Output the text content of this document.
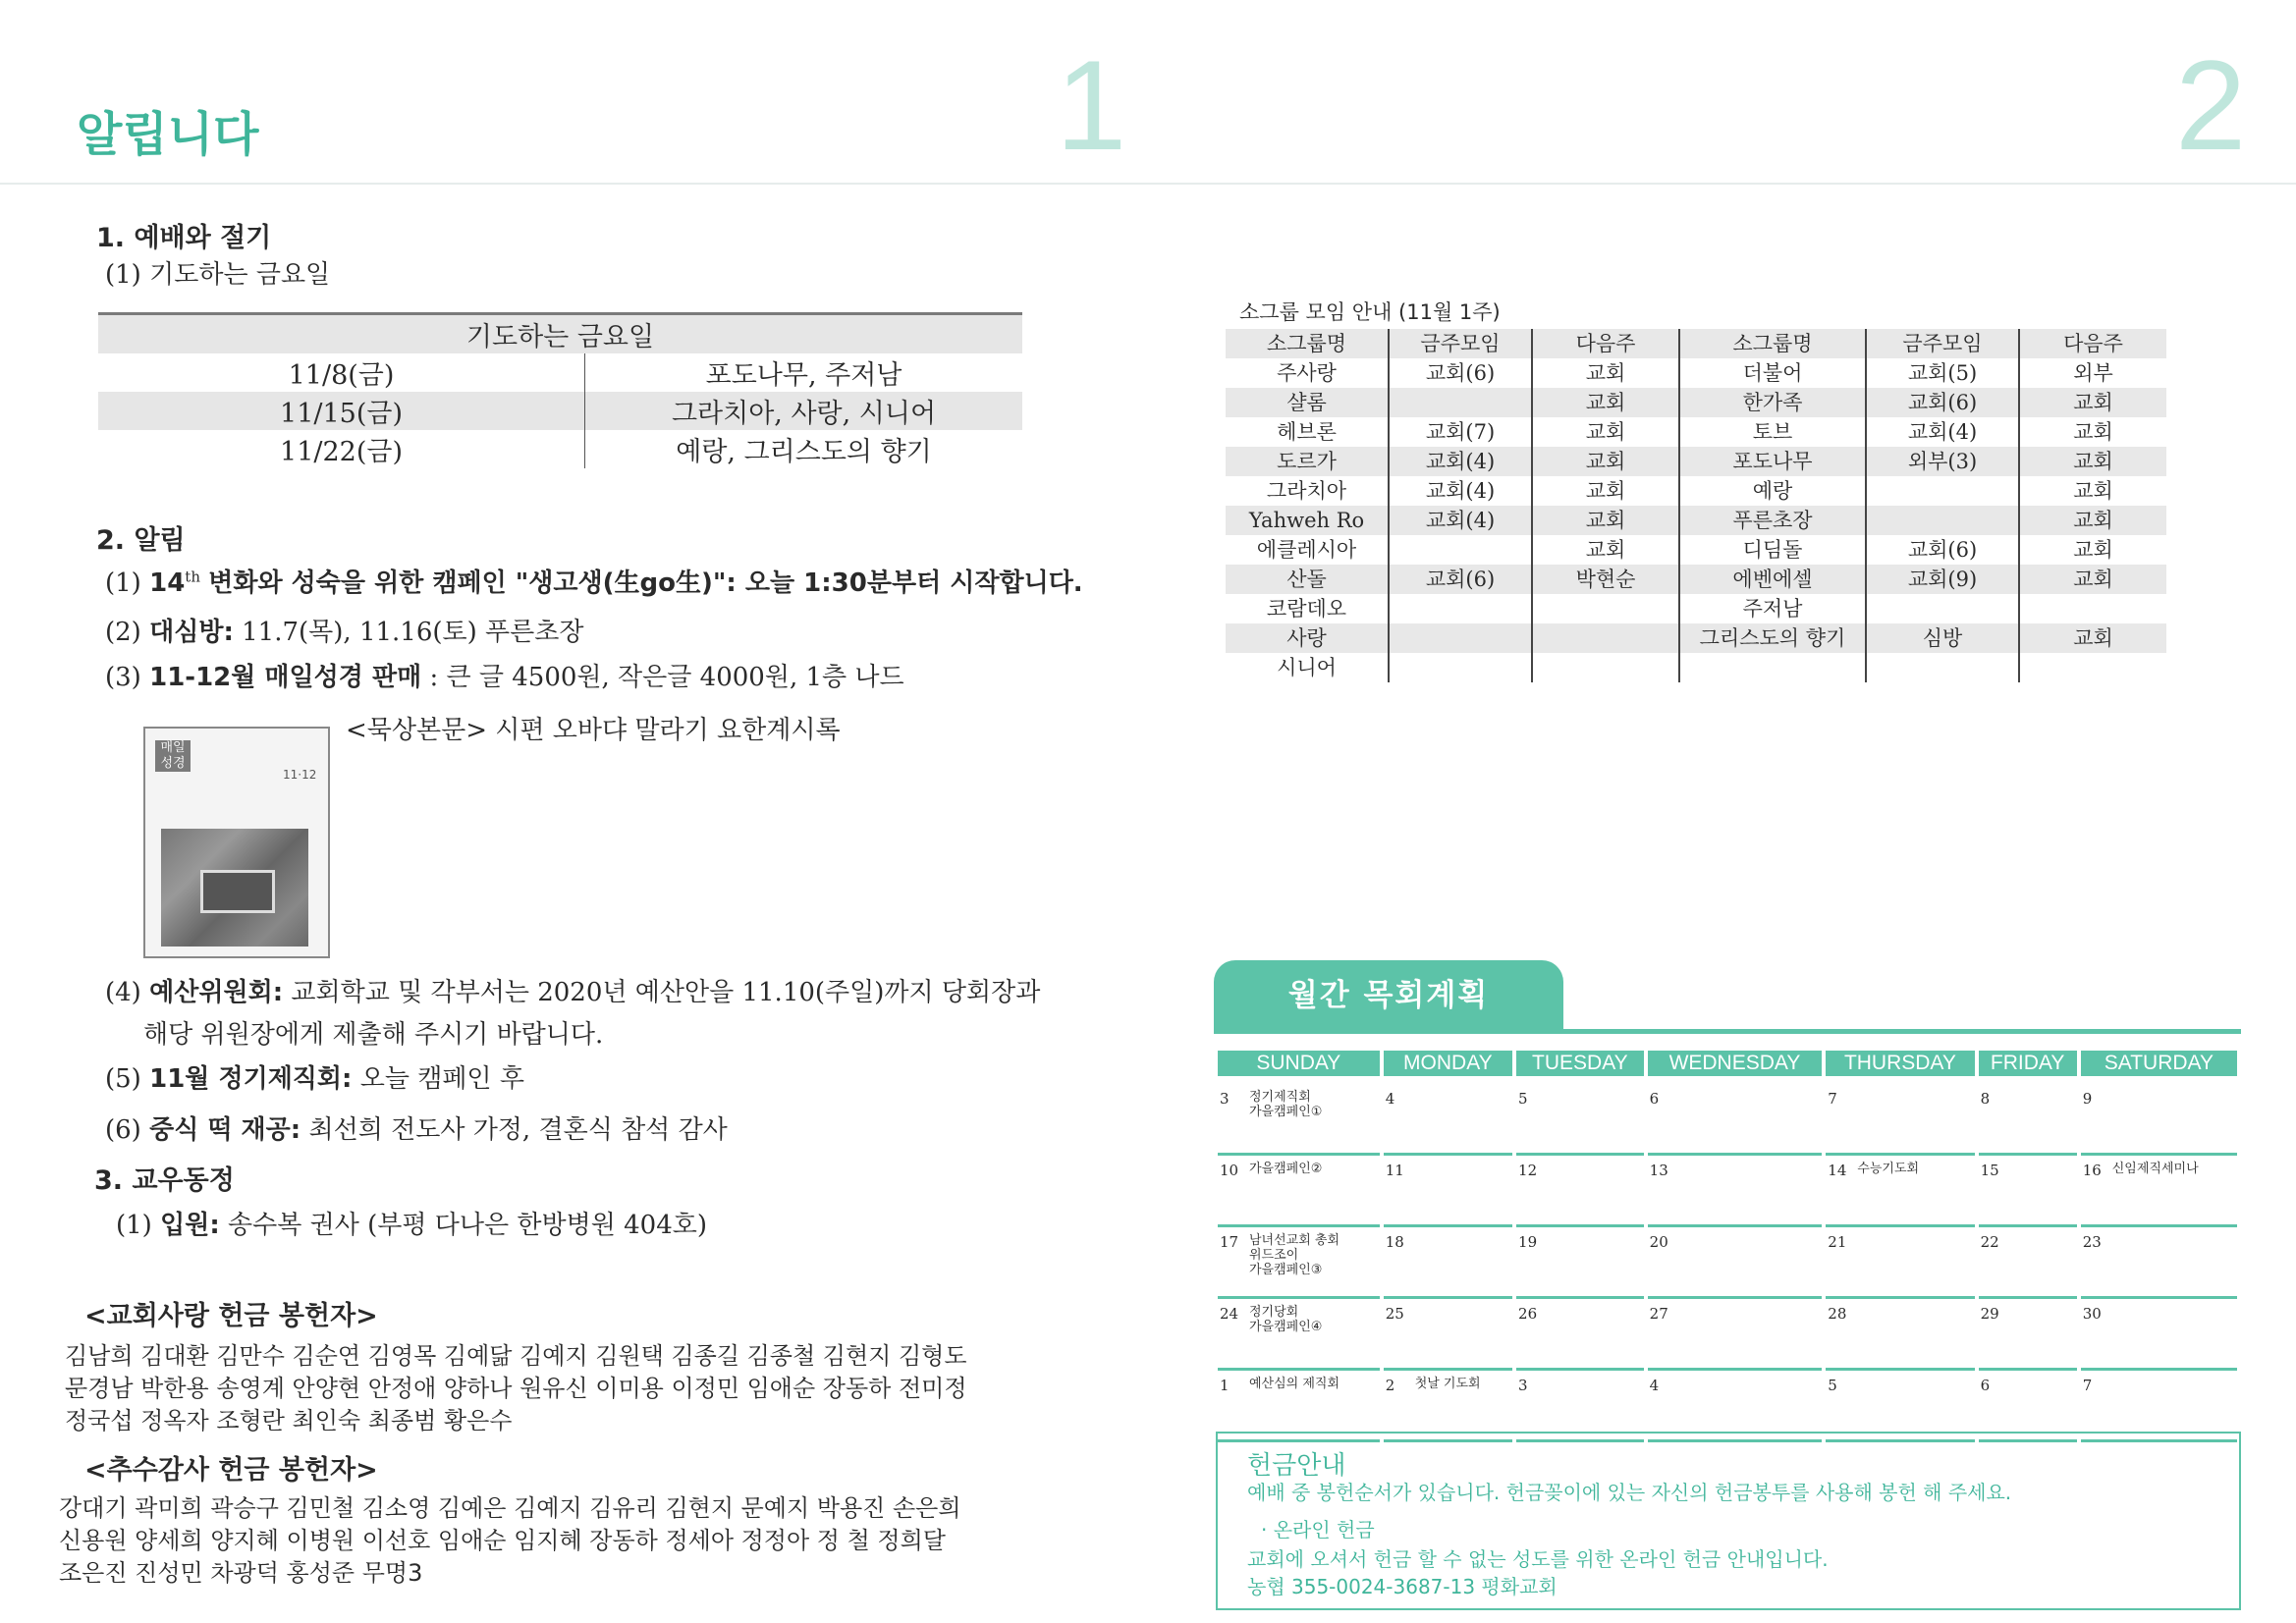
알립니다	1	2
1. 예배와 절기
(1) 기도하는 금요일
기도하는 금요일	
11/8(금)	포도나무, 주저남
11/15(금)	그라치아, 사랑, 시니어
11/22(금)	예랑, 그리스도의 향기
2. 알림
(1) 14th 변화와 성숙을 위한 캠페인 "생고생(生go生)": 오늘 1:30분부터 시작합니다.
(2) 대심방: 11.7(목), 11.16(토) 푸른초장
(3) 11-12월 매일성경 판매 : 큰 글 4500원, 작은글 4000원, 1층 나드
<묵상본문> 시편 오바댜 말라기 요한계시록
매일성경
11·12
(4) 예산위원회: 교회학교 및 각부서는 2020년 예산안을 11.10(주일)까지 당회장과
해당 위원장에게 제출해 주시기 바랍니다.
(5) 11월 정기제직회: 오늘 캠페인 후
(6) 중식 떡 재공: 최선희 전도사 가정, 결혼식 참석 감사
3. 교우동정
(1) 입원: 송수복 권사 (부평 다나은 한방병원 404호)
<교회사랑 헌금 봉헌자>
김남희 김대환 김만수 김순연 김영목 김예닮 김예지 김원택 김종길 김종철 김현지 김형도
문경남 박한용 송영계 안양현 안정애 양하나 원유신 이미용 이정민 임애순 장동하 전미정
정국섭 정옥자 조형란 최인숙 최종범 황은수
<추수감사 헌금 봉헌자>
강대기 곽미희 곽승구 김민철 김소영 김예은 김예지 김유리 김현지 문예지 박용진 손은희
신용원 양세희 양지혜 이병원 이선호 임애순 임지혜 장동하 정세아 정정아 정 철 정희달
조은진 진성민 차광덕 홍성준 무명3
소그룹 모임 안내 (11월 1주)
소그룹명	금주모임	다음주	소그룹명	금주모임	다음주
주사랑	교회(6)	교회	더불어	교회(5)	외부
샬롬		교회	한가족	교회(6)	교회
헤브론	교회(7)	교회	토브	교회(4)	교회
도르가	교회(4)	교회	포도나무	외부(3)	교회
그라치아	교회(4)	교회	예랑		교회
Yahweh Ro	교회(4)	교회	푸른초장		교회
에클레시아		교회	디딤돌	교회(6)	교회
산돌	교회(6)	박현순	에벤에셀	교회(9)	교회
코람데오			주저남		
사랑			그리스도의 향기	심방	교회
시니어					
월간 목회계획
SUNDAY	MONDAY	TUESDAY	WEDNESDAY	THURSDAY	FRIDAY	SATURDAY
3 정기제직회
가을캠페인①	4	5	6	7	8	9
10 가을캠페인②	11	12	13	14 수능기도회	15	16 신임제직세미나
17 남녀선교회 총회
위드조이
가을캠페인③	18	19	20	21	22	23
24 정기당회
가을캠페인④	25	26	27	28	29	30
1 예산심의 제직회	2 첫날 기도회	3	4	5	6	7
헌금안내
예배 중 봉헌순서가 있습니다. 헌금꽂이에 있는 자신의 헌금봉투를 사용해 봉헌 해 주세요.
· 온라인 헌금
교회에 오셔서 헌금 할 수 없는 성도를 위한 온라인 헌금 안내입니다.
농협 355-0024-3687-13 평화교회
